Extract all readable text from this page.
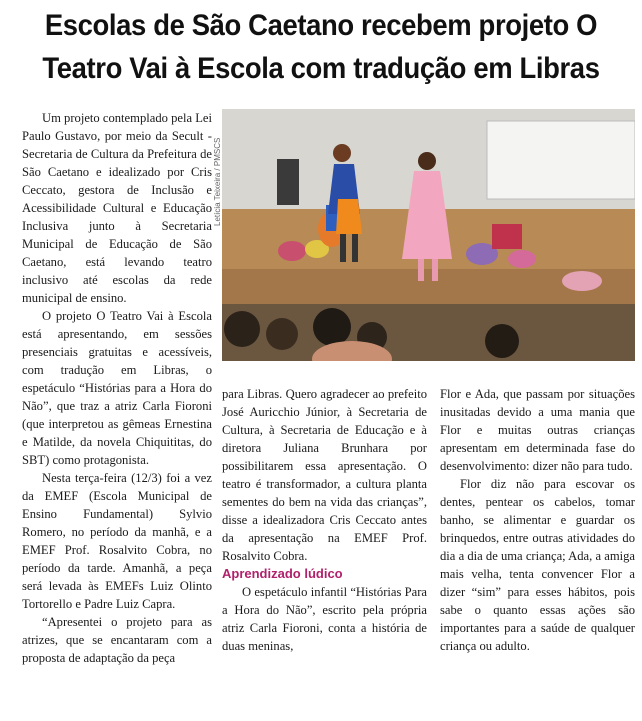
Escolas de São Caetano recebem projeto O
Teatro Vai à Escola com tradução em Libras

Um projeto contemplado pela Lei Paulo Gustavo, por meio da Secult - Secretaria de Cultura da Prefeitura de São Caetano e idealizado por Cris Ceccato, gestora de Inclusão e Acessibilidade Cultural e Educação Inclusiva junto à Secretaria Municipal de Educação de São Caetano, está levando teatro inclusivo até escolas da rede municipal de ensino.

O projeto O Teatro Vai à Escola está apresentando, em sessões presenciais gratuitas e acessíveis, com tradução em Libras, o espetáculo “Histórias para a Hora do Não”, que traz a atriz Carla Fioroni (que interpretou as gêmeas Ernestina e Matilde, da novela Chiquititas, do SBT) como protagonista.

Nesta terça-feira (12/3) foi a vez da EMEF (Escola Municipal de Ensino Fundamental) Sylvio Romero, no período da manhã, e a EMEF Prof. Rosalvito Cobra, no período da tarde. Amanhã, a peça será levada às EMEFs Luiz Olinto Tortorello e Padre Luiz Capra.

“Apresentei o projeto para as atrizes, que se encantaram com a proposta de adaptação da peça

Letícia Teixeira / PMSCS

para Libras. Quero agradecer ao prefeito José Auricchio Júnior, à Secretaria de Cultura, à Secretaria de Educação e à diretora Juliana Brunhara por possibilitarem essa apresentação. O teatro é transformador, a cultura planta sementes do bem na vida das crianças”, disse a idealizadora Cris Ceccato antes da apresentação na EMEF Prof. Rosalvito Cobra.

Aprendizado lúdico

O espetáculo infantil “Histórias Para a Hora do Não”, escrito pela própria atriz Carla Fioroni, conta a história de duas meninas,

Flor e Ada, que passam por situações inusitadas devido a uma mania que Flor e muitas outras crianças apresentam em determinada fase do desenvolvimento: dizer não para tudo.

Flor diz não para escovar os dentes, pentear os cabelos, tomar banho, se alimentar e guardar os brinquedos, entre outras atividades do dia a dia de uma criança; Ada, a amiga mais velha, tenta convencer Flor a dizer “sim” para esses hábitos, pois sabe o quanto essas ações são importantes para a saúde de qualquer criança ou adulto.
